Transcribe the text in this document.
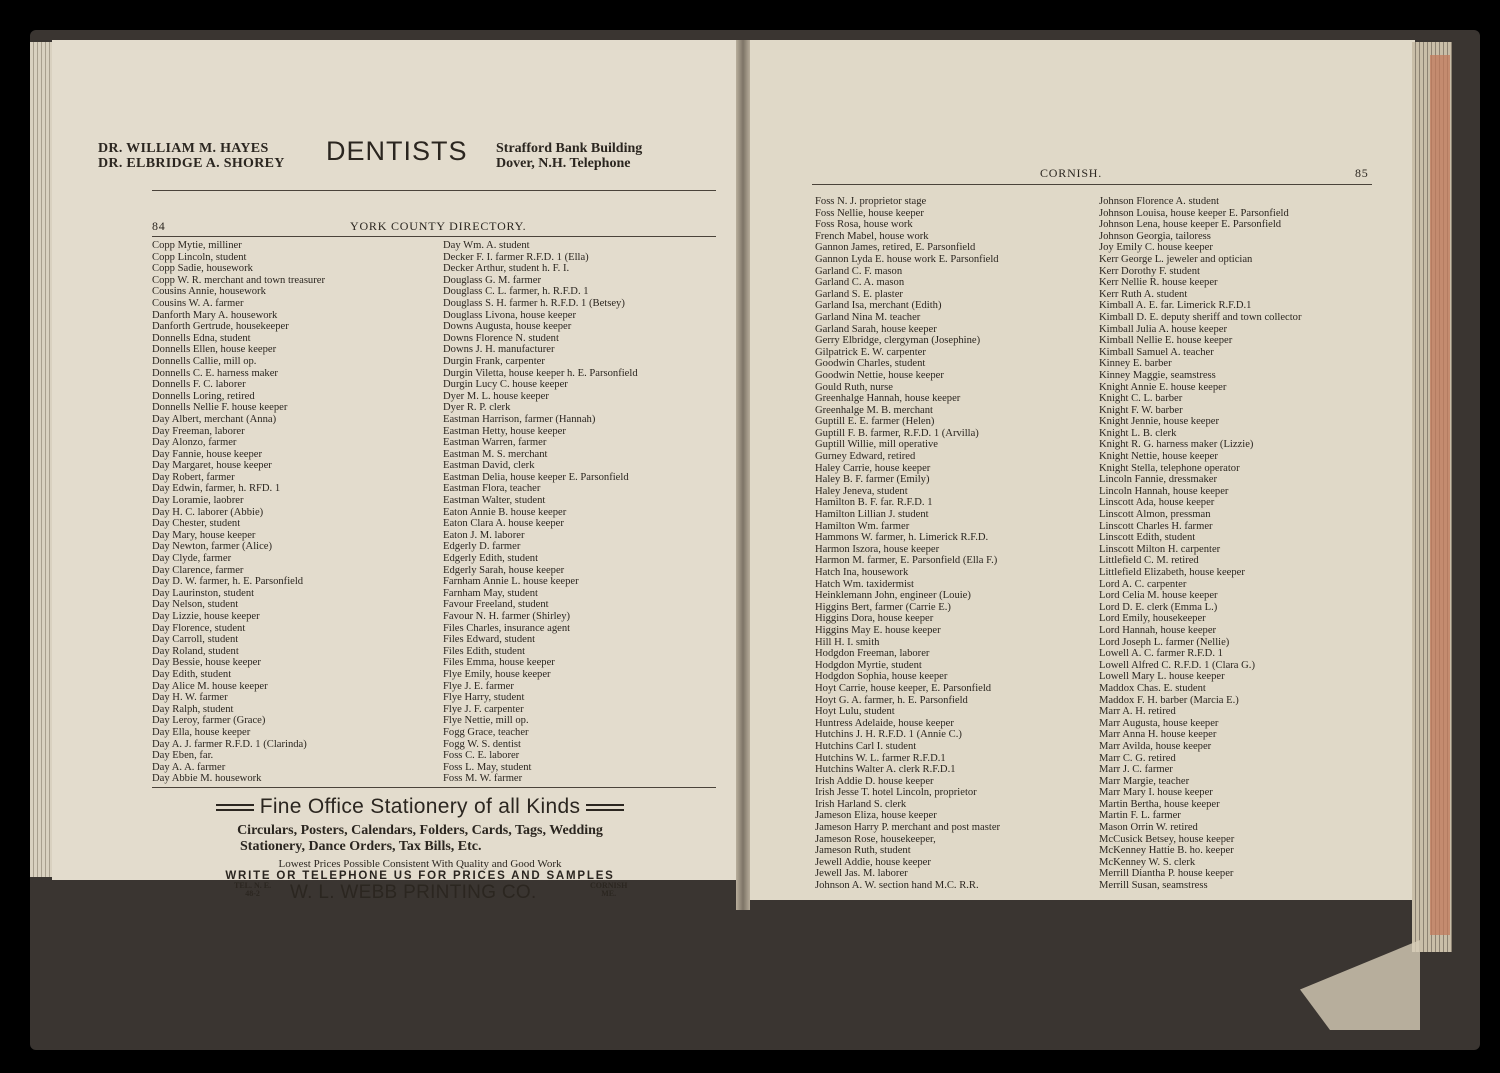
DR. WILLIAM M. HAYES
DR. ELBRIDGE A. SHOREY DENTISTS Strafford Bank Building
Dover, N.H. Telephone
84	YORK COUNTY DIRECTORY.
Copp Mytie, milliner
Copp Lincoln, student
Copp Sadie, housework
Copp W. R. merchant and town treasurer
Cousins Annie, housework
Cousins W. A. farmer
Danforth Mary A. housework
Danforth Gertrude, housekeeper
Donnells Edna, student
Donnells Ellen, house keeper
Donnells Callie, mill op.
Donnells C. E. harness maker
Donnells F. C. laborer
Donnells Loring, retired
Donnells Nellie F. house keeper
Day Albert, merchant (Anna)
Day Freeman, laborer
Day Alonzo, farmer
Day Fannie, house keeper
Day Margaret, house keeper
Day Robert, farmer
Day Edwin, farmer, h. RFD. 1
Day Loramie, laobrer
Day H. C. laborer (Abbie)
Day Chester, student
Day Mary, house keeper
Day Newton, farmer (Alice)
Day Clyde, farmer
Day Clarence, farmer
Day D. W. farmer, h. E. Parsonfield
Day Laurinston, student
Day Nelson, student
Day Lizzie, house keeper
Day Florence, student
Day Carroll, student
Day Roland, student
Day Bessie, house keeper
Day Edith, student
Day Alice M. house keeper
Day H. W. farmer
Day Ralph, student
Day Leroy, farmer (Grace)
Day Ella, house keeper
Day A. J. farmer R.F.D. 1 (Clarinda)
Day Eben, far.
Day A. A. farmer
Day Abbie M. housework
Day Wm. A. student
Decker F. I. farmer R.F.D. 1 (Ella)
Decker Arthur, student h. F. I.
Douglass G. M. farmer
Douglass C. L. farmer, h. R.F.D. 1
Douglass S. H. farmer h. R.F.D. 1 (Betsey)
Douglass Livona, house keeper
Downs Augusta, house keeper
Downs Florence N. student
Downs J. H. manufacturer
Durgin Frank, carpenter
Durgin Viletta, house keeper h. E. Parsonfield
Durgin Lucy C. house keeper
Dyer M. L. house keeper
Dyer R. P. clerk
Eastman Harrison, farmer (Hannah)
Eastman Hetty, house keeper
Eastman Warren, farmer
Eastman M. S. merchant
Eastman David, clerk
Eastman Delia, house keeper E. Parsonfield
Eastman Flora, teacher
Eastman Walter, student
Eaton Annie B. house keeper
Eaton Clara A. house keeper
Eaton J. M. laborer
Edgerly D. farmer
Edgerly Edith, student
Edgerly Sarah, house keeper
Farnham Annie L. house keeper
Farnham May, student
Favour Freeland, student
Favour N. H. farmer (Shirley)
Files Charles, insurance agent
Files Edward, student
Files Edith, student
Files Emma, house keeper
Flye Emily, house keeper
Flye J. E. farmer
Flye Harry, student
Flye J. F. carpenter
Flye Nettie, mill op.
Fogg Grace, teacher
Fogg W. S. dentist
Foss C. E. laborer
Foss L. May, student
Foss M. W. farmer
Fine Office Stationery of all Kinds
Circulars, Posters, Calendars, Folders, Cards, Tags, Wedding
Stationery, Dance Orders, Tax Bills, Etc.
Lowest Prices Possible Consistent With Quality and Good Work
WRITE OR TELEPHONE US FOR PRICES AND SAMPLES
TEL. N. E.
48-2	W. L. WEBB PRINTING CO.	CORNISH
ME.
CORNISH.	85
Foss N. J. proprietor stage
Foss Nellie, house keeper
Foss Rosa, house work
French Mabel, house work
Gannon James, retired, E. Parsonfield
Gannon Lyda E. house work E. Parsonfield
Garland C. F. mason
Garland C. A. mason
Garland S. E. plaster
Garland Isa, merchant (Edith)
Garland Nina M. teacher
Garland Sarah, house keeper
Gerry Elbridge, clergyman (Josephine)
Gilpatrick E. W. carpenter
Goodwin Charles, student
Goodwin Nettie, house keeper
Gould Ruth, nurse
Greenhalge Hannah, house keeper
Greenhalge M. B. merchant
Guptill E. E. farmer (Helen)
Guptill F. B. farmer, R.F.D. 1 (Arvilla)
Guptill Willie, mill operative
Gurney Edward, retired
Haley Carrie, house keeper
Haley B. F. farmer (Emily)
Haley Jeneva, student
Hamilton B. F. far. R.F.D. 1
Hamilton Lillian J. student
Hamilton Wm. farmer
Hammons W. farmer, h. Limerick R.F.D.
Harmon Iszora, house keeper
Harmon M. farmer, E. Parsonfield (Ella F.)
Hatch Ina, housework
Hatch Wm. taxidermist
Heinklemann John, engineer (Louie)
Higgins Bert, farmer (Carrie E.)
Higgins Dora, house keeper
Higgins May E. house keeper
Hill H. I. smith
Hodgdon Freeman, laborer
Hodgdon Myrtie, student
Hodgdon Sophia, house keeper
Hoyt Carrie, house keeper, E. Parsonfield
Hoyt G. A. farmer, h. E. Parsonfield
Hoyt Lulu, student
Huntress Adelaide, house keeper
Hutchins J. H. R.F.D. 1 (Annie C.)
Hutchins Carl I. student
Hutchins W. L. farmer R.F.D.1
Hutchins Walter A. clerk R.F.D.1
Irish Addie D. house keeper
Irish Jesse T. hotel Lincoln, proprietor
Irish Harland S. clerk
Jameson Eliza, house keeper
Jameson Harry P. merchant and post master
Jameson Rose, housekeeper,
Jameson Ruth, student
Jewell Addie, house keeper
Jewell Jas. M. laborer
Johnson A. W. section hand M.C. R.R.
Johnson Florence A. student
Johnson Louisa, house keeper E. Parsonfield
Johnson Lena, house keeper E. Parsonfield
Johnson Georgia, tailoress
Joy Emily C. house keeper
Kerr George L. jeweler and optician
Kerr Dorothy F. student
Kerr Nellie R. house keeper
Kerr Ruth A. student
Kimball A. E. far. Limerick R.F.D.1
Kimball D. E. deputy sheriff and town collector
Kimball Julia A. house keeper
Kimball Nellie E. house keeper
Kimball Samuel A. teacher
Kinney E. barber
Kinney Maggie, seamstress
Knight Annie E. house keeper
Knight C. L. barber
Knight F. W. barber
Knight Jennie, house keeper
Knight L. B. clerk
Knight R. G. harness maker (Lizzie)
Knight Nettie, house keeper
Knight Stella, telephone operator
Lincoln Fannie, dressmaker
Lincoln Hannah, house keeper
Linscott Ada, house keeper
Linscott Almon, pressman
Linscott Charles H. farmer
Linscott Edith, student
Linscott Milton H. carpenter
Littlefield C. M. retired
Littlefield Elizabeth, house keeper
Lord A. C. carpenter
Lord Celia M. house keeper
Lord D. E. clerk (Emma L.)
Lord Emily, housekeeper
Lord Hannah, house keeper
Lord Joseph L. farmer (Nellie)
Lowell A. C. farmer R.F.D. 1
Lowell Alfred C. R.F.D. 1 (Clara G.)
Lowell Mary L. house keeper
Maddox Chas. E. student
Maddox F. H. barber (Marcia E.)
Marr A. H. retired
Marr Augusta, house keeper
Marr Anna H. house keeper
Marr Avilda, house keeper
Marr C. G. retired
Marr J. C. farmer
Marr Margie, teacher
Marr Mary I. house keeper
Martin Bertha, house keeper
Martin F. L. farmer
Mason Orrin W. retired
McCusick Betsey, house keeper
McKenney Hattie B. ho. keeper
McKenney W. S. clerk
Merrill Diantha P. house keeper
Merrill Susan, seamstress
